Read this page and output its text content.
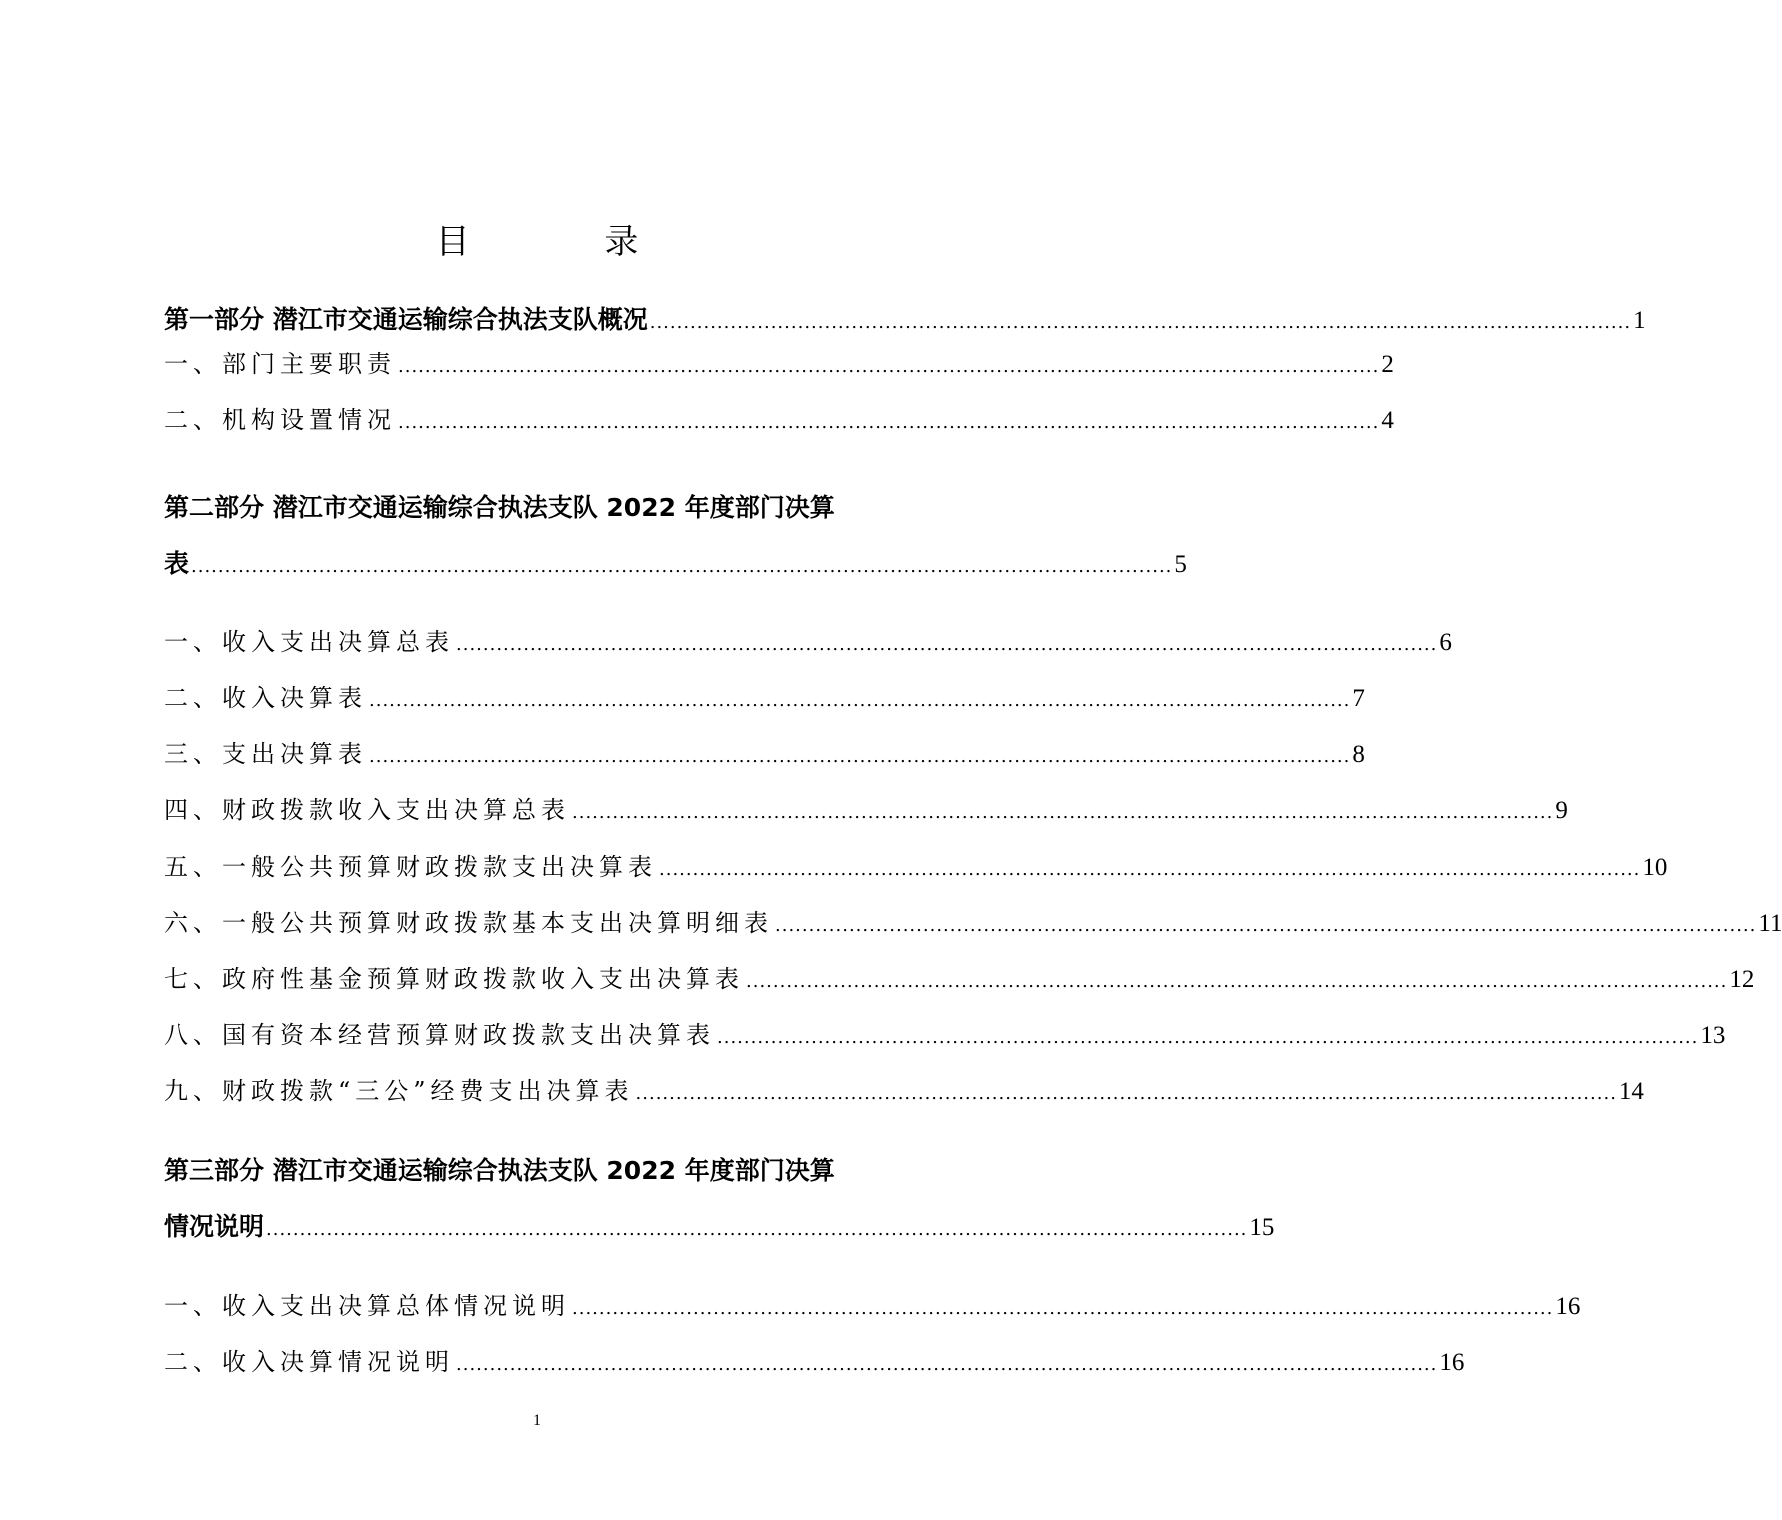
目 录
第一部分 潜江市交通运输综合执法支队概况 .................................................................................................................................................. 1
一、部门主要职责 .................................................................................................................................................. 2
二、机构设置情况 .................................................................................................................................................. 4
第二部分 潜江市交通运输综合执法支队 2022 年度部门决算
表 .................................................................................................................................................. 5
一、收入支出决算总表 .................................................................................................................................................. 6
二、收入决算表 .................................................................................................................................................. 7
三、支出决算表 .................................................................................................................................................. 8
四、财政拨款收入支出决算总表 .................................................................................................................................................. 9
五、一般公共预算财政拨款支出决算表 .................................................................................................................................................. 10
六、一般公共预算财政拨款基本支出决算明细表 .................................................................................................................................................. 11
七、政府性基金预算财政拨款收入支出决算表 .................................................................................................................................................. 12
八、国有资本经营预算财政拨款支出决算表 .................................................................................................................................................. 13
九、财政拨款“三公”经费支出决算表 .................................................................................................................................................. 14
第三部分 潜江市交通运输综合执法支队 2022 年度部门决算
情况说明 .................................................................................................................................................. 15
一、收入支出决算总体情况说明 .................................................................................................................................................. 16
二、收入决算情况说明 .................................................................................................................................................. 16
1
